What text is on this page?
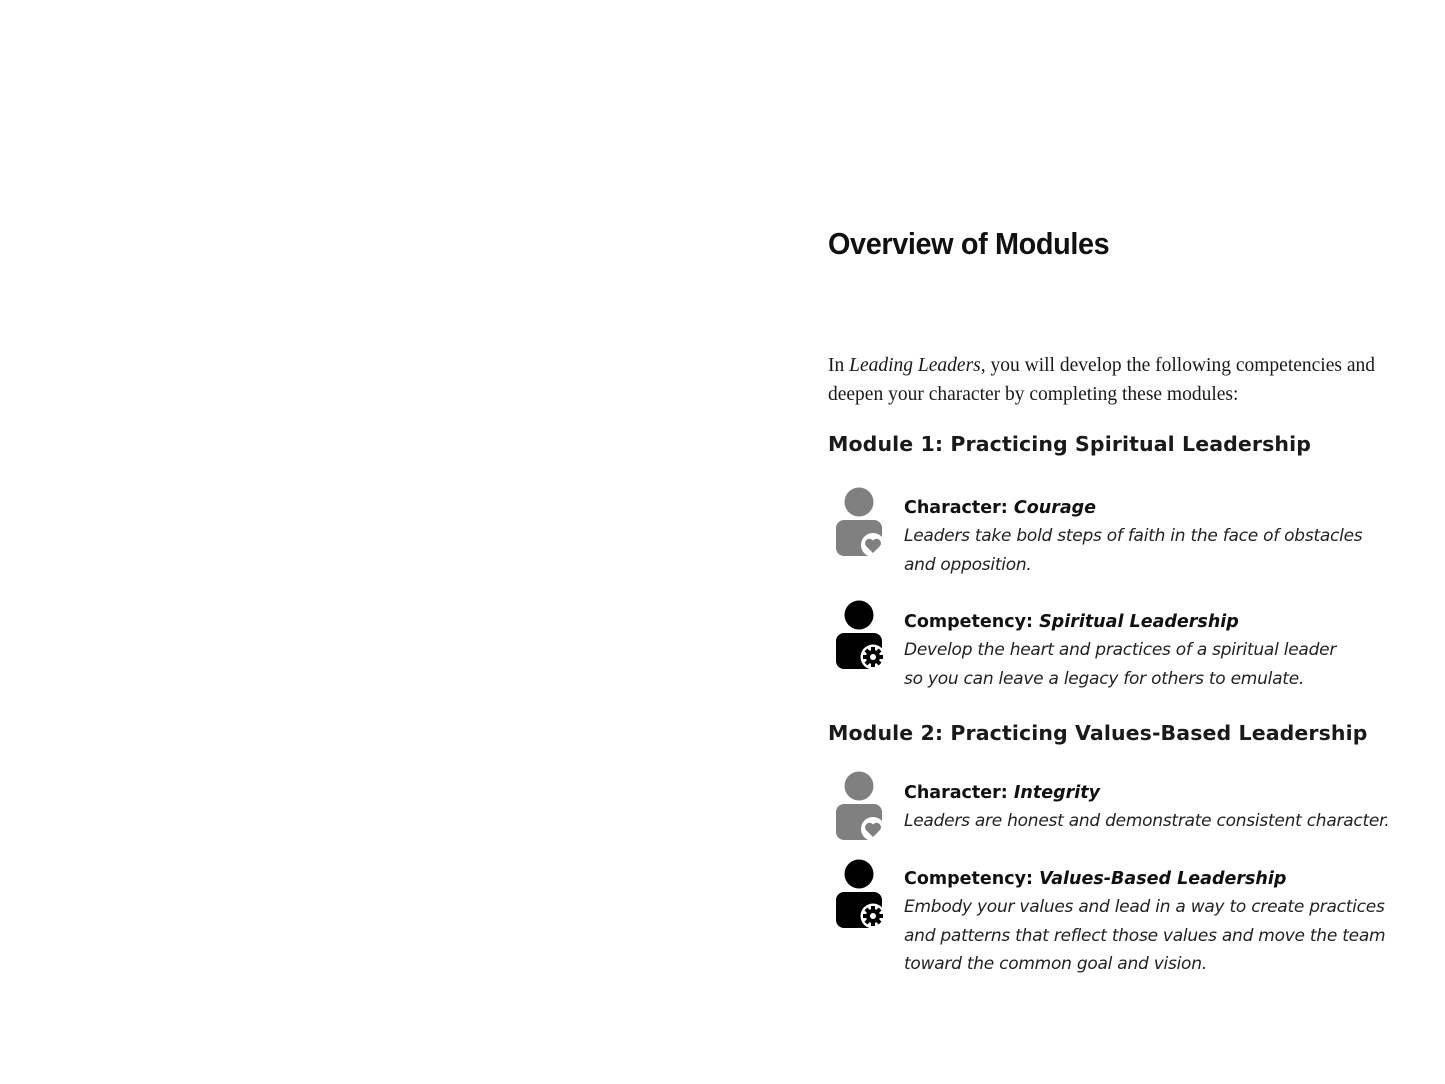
Overview of Modules

In Leading Leaders, you will develop the following competencies and deepen your character by completing these modules:

Module 1: Practicing Spiritual Leadership
Character: Courage
Leaders take bold steps of faith in the face of obstacles
and opposition.
Competency: Spiritual Leadership
Develop the heart and practices of a spiritual leader
so you can leave a legacy for others to emulate.
Module 2: Practicing Values-Based Leadership
Character: Integrity
Leaders are honest and demonstrate consistent character.
Competency: Values-Based Leadership
Embody your values and lead in a way to create practices
and patterns that reflect those values and move the team
toward the common goal and vision.
